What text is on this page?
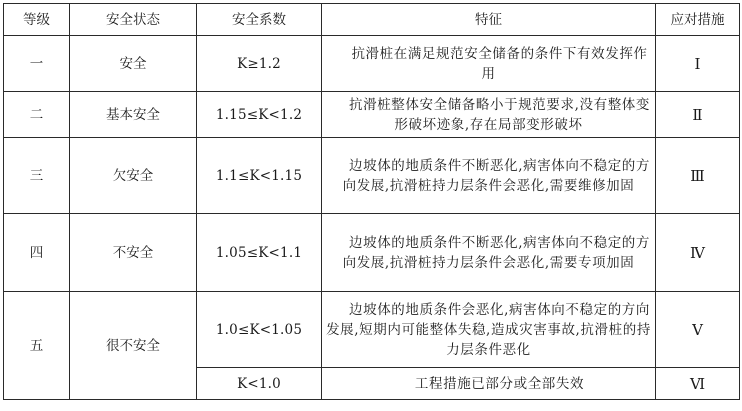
等级	安全状态	安全系数	特征	应对措施
一	安全	K≥1.2	抗滑桩在满足规范安全储备的条件下有效发挥作用	Ⅰ
二	基本安全	1.15≤K<1.2	抗滑桩整体安全储备略小于规范要求,没有整体变形破坏迹象,存在局部变形破坏	Ⅱ
三	欠安全	1.1≤K<1.15	边坡体的地质条件不断恶化,病害体向不稳定的方向发展,抗滑桩持力层条件会恶化,需要维修加固	Ⅲ
四	不安全	1.05≤K<1.1	边坡体的地质条件不断恶化,病害体向不稳定的方向发展,抗滑桩持力层条件会恶化,需要专项加固	Ⅳ
五	很不安全	1.0≤K<1.05	边坡体的地质条件会恶化,病害体向不稳定的方向发展,短期内可能整体失稳,造成灾害事故,抗滑桩的持力层条件恶化	Ⅴ
		K<1.0	工程措施已部分或全部失效	Ⅵ
